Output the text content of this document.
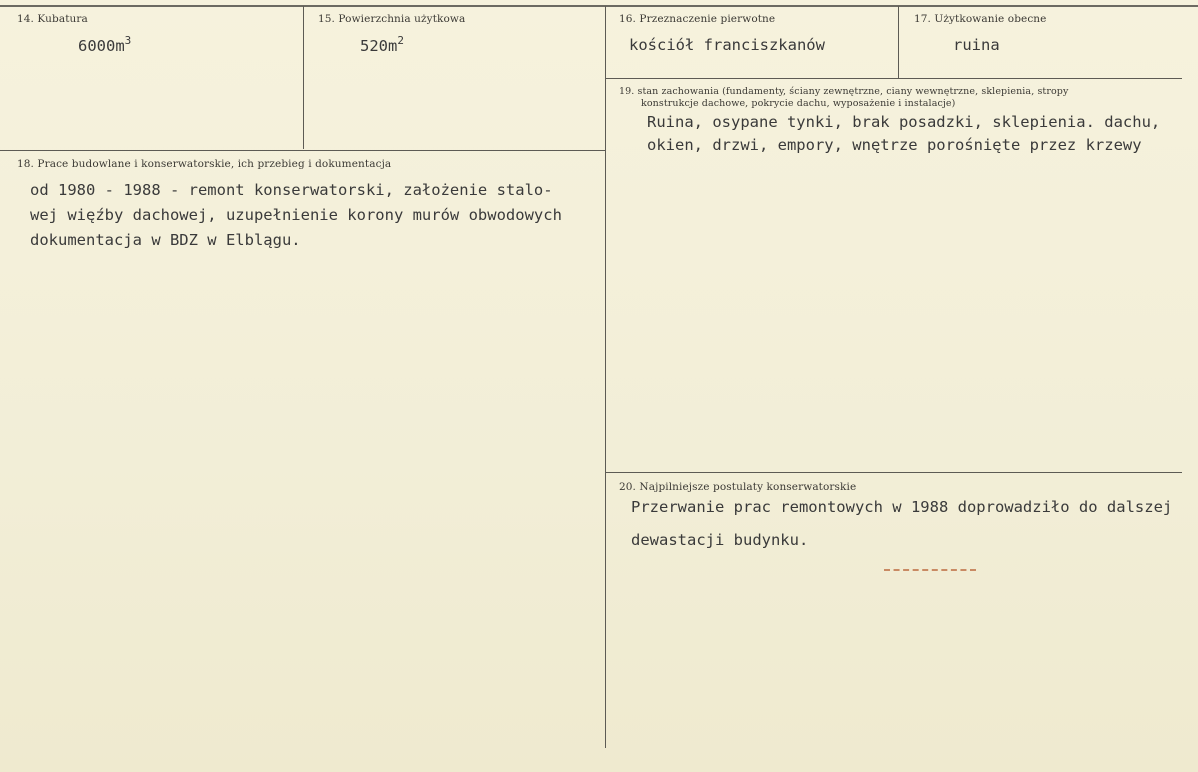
14. Kubatura
$6000m^3$
15. Powierzchnia użytkowa
$520m^2$
16. Przeznaczenie pierwotne
kościół franciszkanów
17. Użytkowanie obecne
ruina
18. Prace budowlane i konserwatorskie, ich przebieg i dokumentacja
od 1980 - 1988 - remont konserwatorski, założenie stalo-
wej więźby dachowej, uzupełnienie korony murów obwodowych
dokumentacja w BDZ w Elblągu.
19. stan zachowania (fundamenty, ściany zewnętrzne, ciany wewnętrzne, sklepienia, stropy
konstrukcje dachowe, pokrycie dachu, wyposażenie i instalacje)
Ruina, osypane tynki, brak posadzki, sklepienia. dachu,
okien, drzwi, empory, wnętrze porośnięte przez krzewy
20. Najpilniejsze postulaty konserwatorskie
Przerwanie prac remontowych w 1988 doprowadziło do dalszej
dewastacji budynku.
